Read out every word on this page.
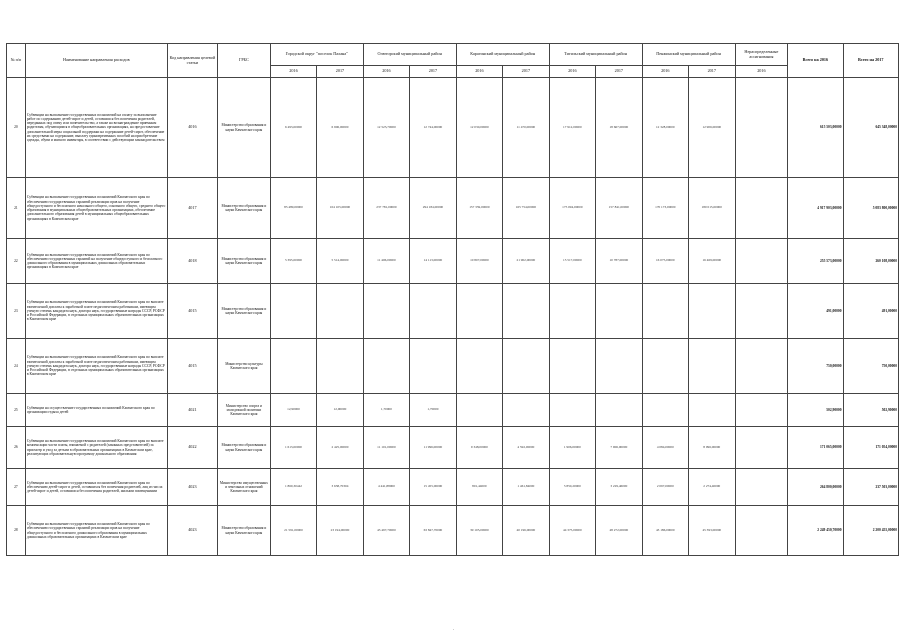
№ п/п	Наименование направления расходов	Код направления целевой статьи	ГРБС	Городской округ "поселок Палана"		Олюторский муниципальный район		Карагинский муниципальный район		Тигильский муниципальный район		Пенжинский муниципальный район		Нераспределенные ассигнования	Всего на 2016	Всего на 2017
				2016	2017	2016	2017	2016	2017	2016	2017	2016	2017	2016		
20	Субвенции на выполнение государственных полномочий на оплату за выполнение работ по содержанию детей-сирот и детей, оставшихся без попечения родителей, переданных под опеку или попечительство, а также на вознаграждение приемным родителям, обучающимся в общеобразовательных организациях, на предоставление дополнительной меры социальной поддержки на содержание детей-сирот, обеспечение их средствами на содержание, выплату единовременных пособий на приобретение одежды, обуви и мягкого инвентаря, в соответствии с действующим законодательством	4016	Министерство образования и науки Камчатского края	6 493,00000	6 906,00000	12 523,70000	12 744,00000	12 030,00000	11 470,00000	17 912,00000	18 667,00000	12 328,00000	12 906,00000		615 503,00000	645 348,00000
21	Субвенции на выполнение государственных полномочий Камчатского края по обеспечению государственных гарантий реализации прав на получение общедоступного и бесплатного начального общего, основного общего, среднего общего образования в муниципальных общеобразовательных организациях, обеспечение дополнительного образования детей в муниципальных общеобразовательных организациях в Камчатском крае	4017	Министерство образования и науки Камчатского края	85 489,00000	104 105,00000	237 781,00000	294 184,00000	157 359,00000	165 754,00000	175 094,00000	157 841,00000	170 173,00000	180 015,00000		4 917 903,00000	5 083 800,00000
22	Субвенции на выполнение государственных полномочий Камчатского края по обеспечению государственных гарантий на получение общедоступного и бесплатного дошкольного образования в муниципальных дошкольных образовательных организациях в Камчатском крае	4018	Министерство образования и науки Камчатского края	5 395,00000	5 514,00000	11 406,00000	14 113,00000	10 807,00000	21 902,00000	15 517,00000	10 787,00000	16 075,00000	16 469,00000		255 573,00000	260 108,00000
23	Субвенции на выполнение государственных полномочий Камчатского края по выплате ежемесячной доплаты к заработной плате педагогическим работникам, имеющим ученую степень кандидата наук, доктора наук, государственные награды СССР, РСФСР и Российской Федерации, в отдельных муниципальных образовательных организациях в Камчатском крае	4015	Министерство образования и науки Камчатского края												491,00000	491,00000
24	Субвенции на выполнение государственных полномочий Камчатского края по выплате ежемесячной доплаты к заработной плате педагогическим работникам, имеющим ученую степень кандидата наук, доктора наук, государственные награды СССР, РСФСР и Российской Федерации, в отдельных муниципальных образовательных организациях в Камчатском крае	4015	Министерство культуры Камчатского края												750,00000	750,00000
25	Субвенции на осуществление государственных полномочий Камчатского края по организации отдыха детей	4021	Министерство спорта и молодежной политики Камчатского края	12,90000	12,90000	1,70000	1,70000								502,90000	502,90000
26	Субвенции на выполнение государственных полномочий Камчатского края по выплате компенсации части платы, взимаемой с родителей (законных представителей) за присмотр и уход за детьми в образовательных организациях в Камчатском крае, реализующих образовательную программу дошкольного образования	4022	Министерство образования и науки Камчатского края	1 613,00000	2 425,00000	11 101,00000	11 996,00000	9 348,00000	4 592,00000	1 906,00000	7 906,00000	4 084,00000	8 096,00000		171 065,00000	171 054,00000
27	Субвенции на выполнение государственных полномочий Камчатского края по обеспечению детей-сирот и детей, оставшихся без попечения родителей, лиц из числа детей-сирот и детей, оставшихся без попечения родителей, жилыми помещениями	4023	Министерство имущественных и земельных отношений Камчатского края	1 860,30442	3 638,70304	4 441,88000	15 455,00000	801,44000	1 461,84000	5 850,20000	3 229,46000	2 097,00000	2 274,40000		264 800,00000	237 503,00000
28	Субвенции на выполнение государственных полномочий Камчатского края по обеспечению государственных гарантий реализации прав на получение общедоступного и бесплатного дошкольного образования в муниципальных дошкольных образовательных организациях в Камчатском крае	4023	Министерство образования и науки Камчатского края	21 591,00000	23 194,00000	43 497,70000	63 847,70000	39 105,00000	40 196,00000	44 375,00000	48 272,00000	43 186,00000	45 393,00000		2 249 450,70000	2 200 455,00000
.
